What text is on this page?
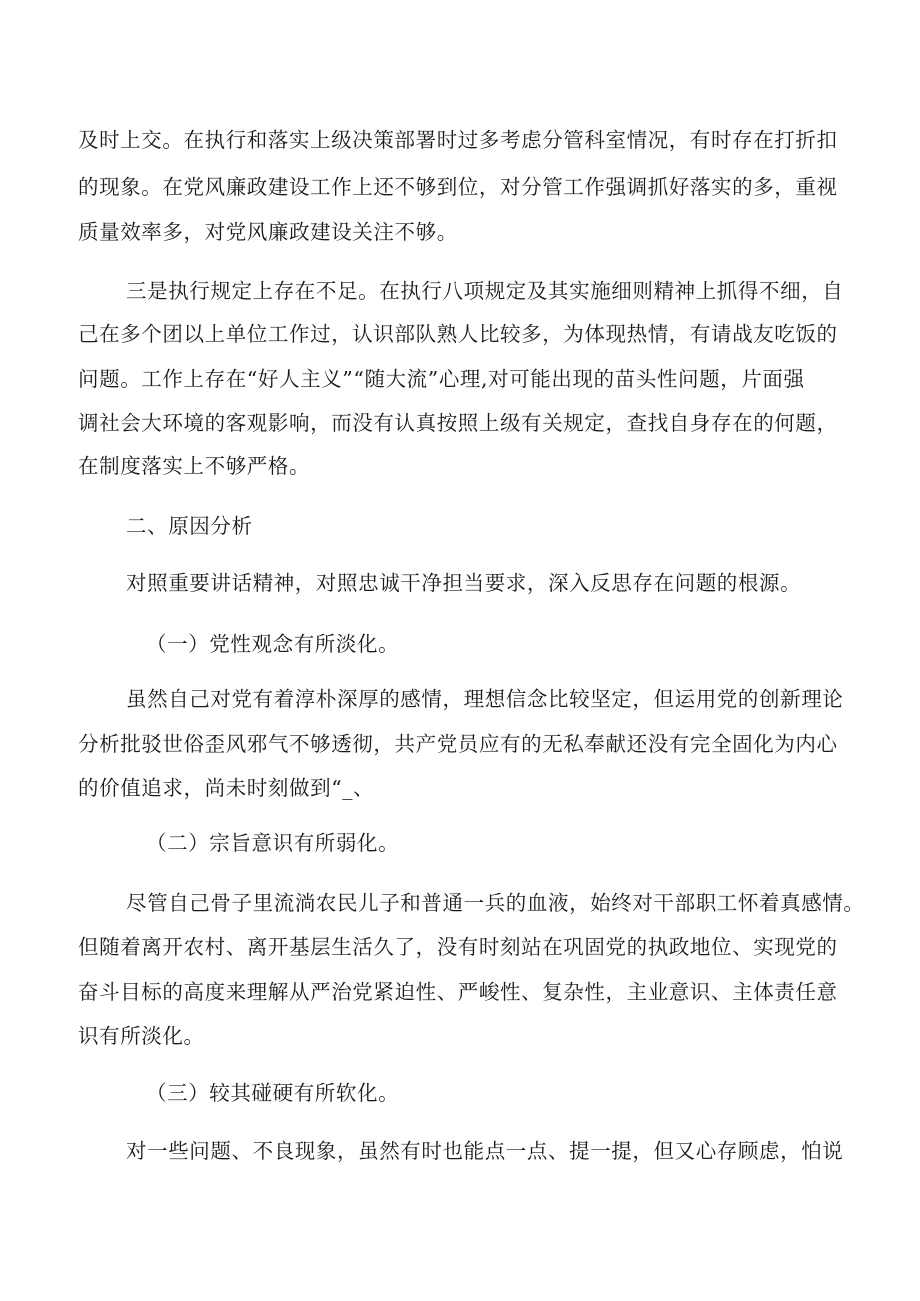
及时上交。在执行和落实上级决策部署时过多考虑分管科室情况，有时存在打折扣

的现象。在党风廉政建设工作上还不够到位，对分管工作强调抓好落实的多，重视

质量效率多，对党风廉政建设关注不够。

三是执行规定上存在不足。在执行八项规定及其实施细则精神上抓得不细，自

己在多个团以上单位工作过，认识部队熟人比较多，为体现热情，有请战友吃饭的

问题。工作上存在“好人主义”“随大流”心理,对可能出现的苗头性问题，片面强

调社会大环境的客观影响，而没有认真按照上级有关规定，查找自身存在的何题，

在制度落实上不够严格。

二、原因分析

对照重要讲话精神，对照忠诚干净担当要求，深入反思存在问题的根源。

（一）党性观念有所淡化。

虽然自己对党有着淳朴深厚的感情，理想信念比较坚定，但运用党的创新理论

分析批驳世俗歪风邪气不够透彻，共产党员应有的无私奉献还没有完全固化为内心

的价值追求，尚未时刻做到“_、

（二）宗旨意识有所弱化。

尽管自己骨子里流淌农民儿子和普通一兵的血液，始终对干部职工怀着真感情。

但随着离开农村、离开基层生活久了，没有时刻站在巩固党的执政地位、实现党的

奋斗目标的高度来理解从严治党紧迫性、严峻性、复杂性，主业意识、主体责任意

识有所淡化。

（三）较其碰硬有所软化。

对一些问题、不良现象，虽然有时也能点一点、提一提，但又心存顾虑，怕说
